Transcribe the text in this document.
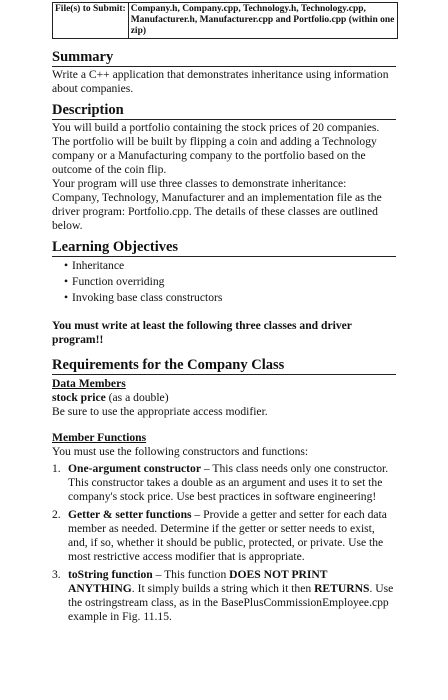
File(s) to Submit: Company.h, Company.cpp, Technology.h, Technology.cpp, Manufacturer.h, Manufacturer.cpp and Portfolio.cpp (within one zip)
Summary

Write a C++ application that demonstrates inheritance using information about companies.

Description

You will build a portfolio containing the stock prices of 20 companies. The portfolio will be built by flipping a coin and adding a Technology company or a Manufacturing company to the portfolio based on the outcome of the coin flip.

Your program will use three classes to demonstrate inheritance: Company, Technology, Manufacturer and an implementation file as the driver program: Portfolio.cpp. The details of these classes are outlined below.

Learning Objectives
• Inheritance
• Function overriding
• Invoking base class constructors

You must write at least the following three classes and driver program!!

Requirements for the Company Class
Data Members
stock price (as a double)
Be sure to use the appropriate access modifier.
Member Functions
You must use the following constructors and functions:
1. One-argument constructor – This class needs only one constructor. This constructor takes a double as an argument and uses it to set the company's stock price. Use best practices in software engineering!
2. Getter & setter functions – Provide a getter and setter for each data member as needed. Determine if the getter or setter needs to exist, and, if so, whether it should be public, protected, or private. Use the most restrictive access modifier that is appropriate.
3. toString function – This function DOES NOT PRINT ANYTHING. It simply builds a string which it then RETURNS. Use the ostringstream class, as in the BasePlusCommissionEmployee.cpp example in Fig. 11.15.
